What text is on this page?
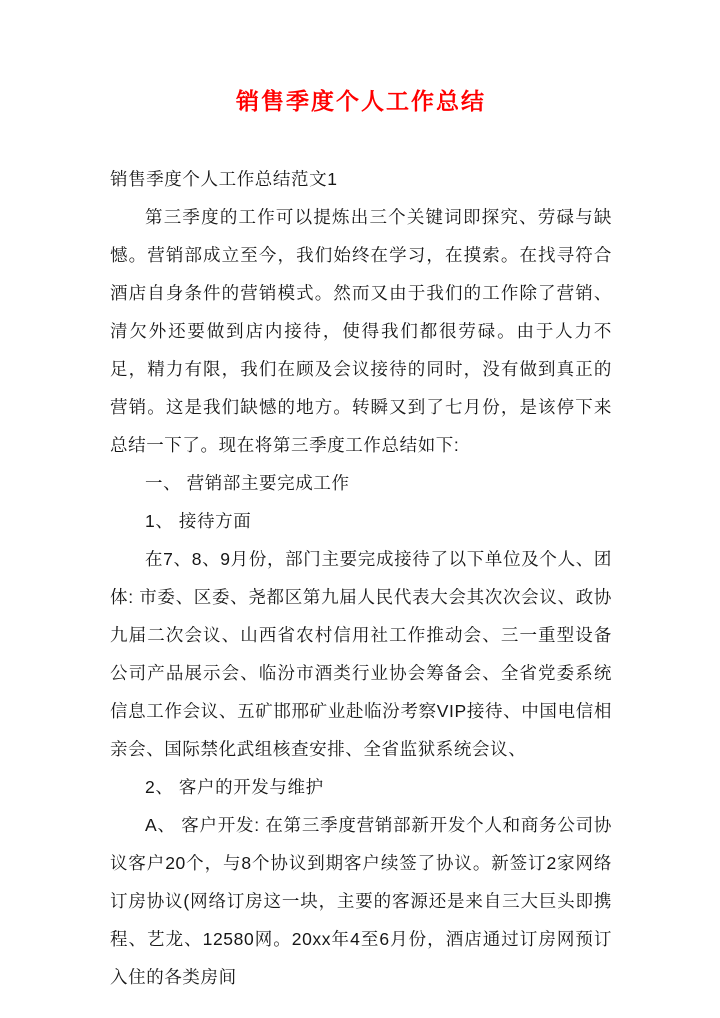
销售季度个人工作总结

销售季度个人工作总结范文1

第三季度的工作可以提炼出三个关键词即探究、劳碌与缺憾。营销部成立至今，我们始终在学习，在摸索。在找寻符合酒店自身条件的营销模式。然而又由于我们的工作除了营销、清欠外还要做到店内接待，使得我们都很劳碌。由于人力不足，精力有限，我们在顾及会议接待的同时，没有做到真正的营销。这是我们缺憾的地方。转瞬又到了七月份，是该停下来总结一下了。现在将第三季度工作总结如下:

一、 营销部主要完成工作

1、 接待方面

在7、8、9月份，部门主要完成接待了以下单位及个人、团体: 市委、区委、尧都区第九届人民代表大会其次次会议、政协九届二次会议、山西省农村信用社工作推动会、三一重型设备公司产品展示会、临汾市酒类行业协会筹备会、全省党委系统信息工作会议、五矿邯邢矿业赴临汾考察VIP接待、中国电信相亲会、国际禁化武组核查安排、全省监狱系统会议、

2、 客户的开发与维护

A、 客户开发: 在第三季度营销部新开发个人和商务公司协议客户20个，与8个协议到期客户续签了协议。新签订2家网络订房协议(网络订房这一块，主要的客源还是来自三大巨头即携程、艺龙、12580网。20xx年4至6月份，酒店通过订房网预订入住的各类房间
